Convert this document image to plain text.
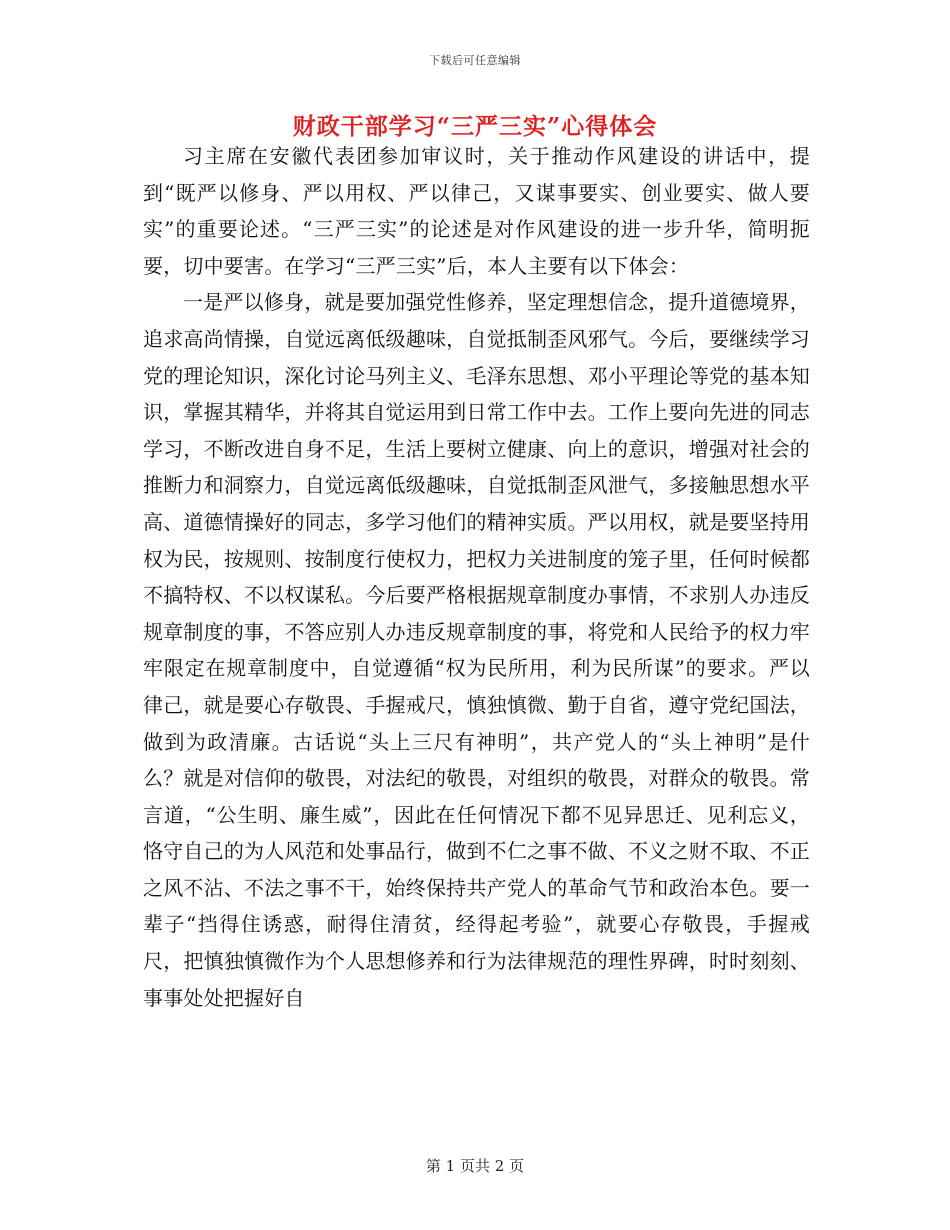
下载后可任意编辑
财政干部学习“三严三实”心得体会

习主席在安徽代表团参加审议时，关于推动作风建设的讲话中，提到“既严以修身、严以用权、严以律己，又谋事要实、创业要实、做人要实”的重要论述。“三严三实”的论述是对作风建设的进一步升华，简明扼要，切中要害。在学习“三严三实”后，本人主要有以下体会：

一是严以修身，就是要加强党性修养，坚定理想信念，提升道德境界，追求高尚情操，自觉远离低级趣味，自觉抵制歪风邪气。今后，要继续学习党的理论知识，深化讨论马列主义、毛泽东思想、邓小平理论等党的基本知识，掌握其精华，并将其自觉运用到日常工作中去。工作上要向先进的同志学习，不断改进自身不足，生活上要树立健康、向上的意识，增强对社会的推断力和洞察力，自觉远离低级趣味，自觉抵制歪风泄气，多接触思想水平高、道德情操好的同志，多学习他们的精神实质。严以用权，就是要坚持用权为民，按规则、按制度行使权力，把权力关进制度的笼子里，任何时候都不搞特权、不以权谋私。今后要严格根据规章制度办事情，不求别人办违反规章制度的事，不答应别人办违反规章制度的事，将党和人民给予的权力牢牢限定在规章制度中，自觉遵循“权为民所用，利为民所谋”的要求。严以律己，就是要心存敬畏、手握戒尺，慎独慎微、勤于自省，遵守党纪国法，做到为政清廉。古话说“头上三尺有神明”，共产党人的“头上神明”是什么？就是对信仰的敬畏，对法纪的敬畏，对组织的敬畏，对群众的敬畏。常言道，“公生明、廉生威”，因此在任何情况下都不见异思迁、见利忘义，恪守自己的为人风范和处事品行，做到不仁之事不做、不义之财不取、不正之风不沾、不法之事不干，始终保持共产党人的革命气节和政治本色。要一辈子“挡得住诱惑，耐得住清贫，经得起考验”，就要心存敬畏，手握戒尺，把慎独慎微作为个人思想修养和行为法律规范的理性界碑，时时刻刻、事事处处把握好自

第 1 页共 2 页
